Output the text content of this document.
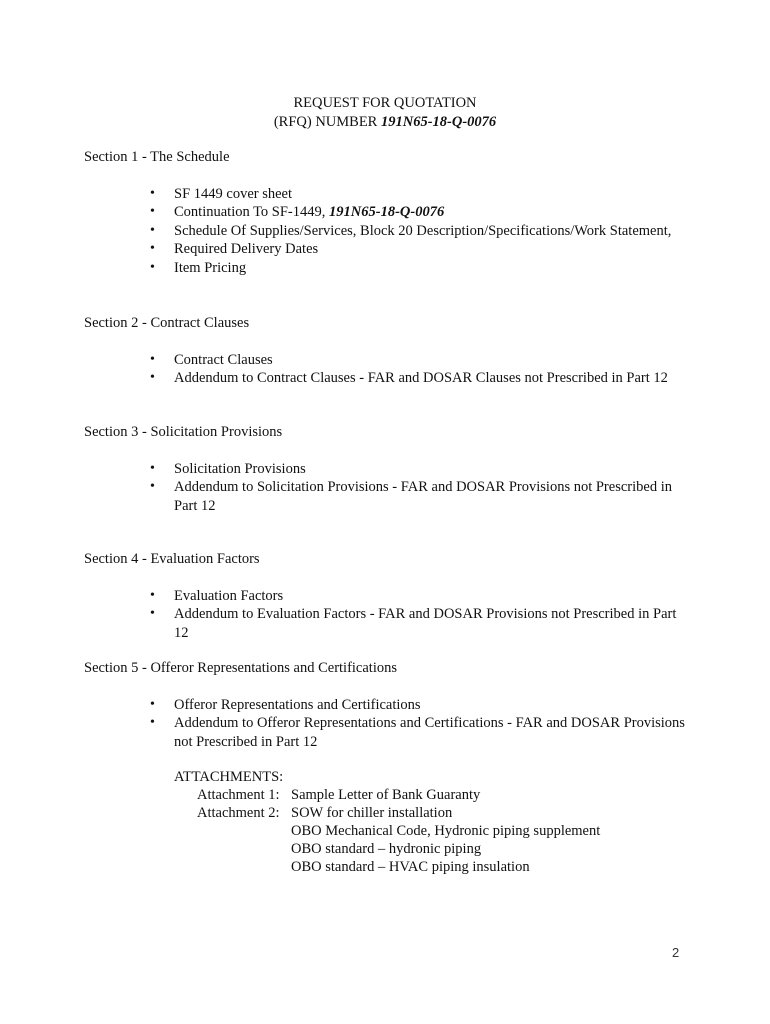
REQUEST FOR QUOTATION
(RFQ) NUMBER 191N65-18-Q-0076
Section 1 - The Schedule
• SF 1449 cover sheet
• Continuation To SF-1449, 191N65-18-Q-0076
• Schedule Of Supplies/Services, Block 20 Description/Specifications/Work Statement,
• Required Delivery Dates
• Item Pricing
Section 2 - Contract Clauses
• Contract Clauses
• Addendum to Contract Clauses - FAR and DOSAR Clauses not Prescribed in Part 12
Section 3 - Solicitation Provisions
• Solicitation Provisions
• Addendum to Solicitation Provisions - FAR and DOSAR Provisions not Prescribed in Part 12
Section 4 - Evaluation Factors
• Evaluation Factors
• Addendum to Evaluation Factors - FAR and DOSAR Provisions not Prescribed in Part 12
Section 5 - Offeror Representations and Certifications
• Offeror Representations and Certifications
• Addendum to Offeror Representations and Certifications - FAR and DOSAR Provisions not Prescribed in Part 12
ATTACHMENTS:
Attachment 1: Sample Letter of Bank Guaranty
Attachment 2: SOW for chiller installation
OBO Mechanical Code, Hydronic piping supplement
OBO standard – hydronic piping
OBO standard – HVAC piping insulation
2
